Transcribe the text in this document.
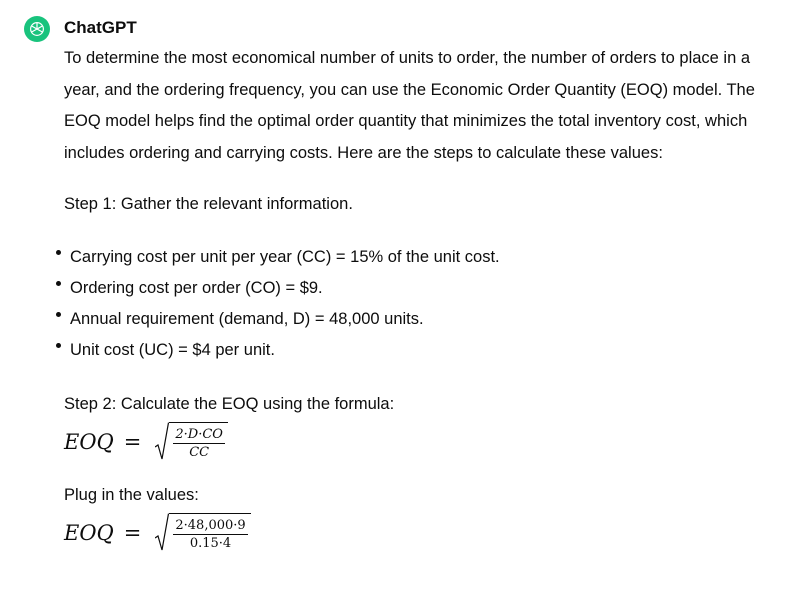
ChatGPT

To determine the most economical number of units to order, the number of orders to place in a year, and the ordering frequency, you can use the Economic Order Quantity (EOQ) model. The EOQ model helps find the optimal order quantity that minimizes the total inventory cost, which includes ordering and carrying costs. Here are the steps to calculate these values:

Step 1: Gather the relevant information.

Carrying cost per unit per year (CC) = 15% of the unit cost.
Ordering cost per order (CO) = $9.
Annual requirement (demand, D) = 48,000 units.
Unit cost (UC) = $4 per unit.

Step 2: Calculate the EOQ using the formula:

EOQ = $\frac{2\cdot D\cdot CO}{CC}$

Plug in the values:

EOQ = $\frac{2\cdot 48,000\cdot 9}{0.15\cdot 4}$
